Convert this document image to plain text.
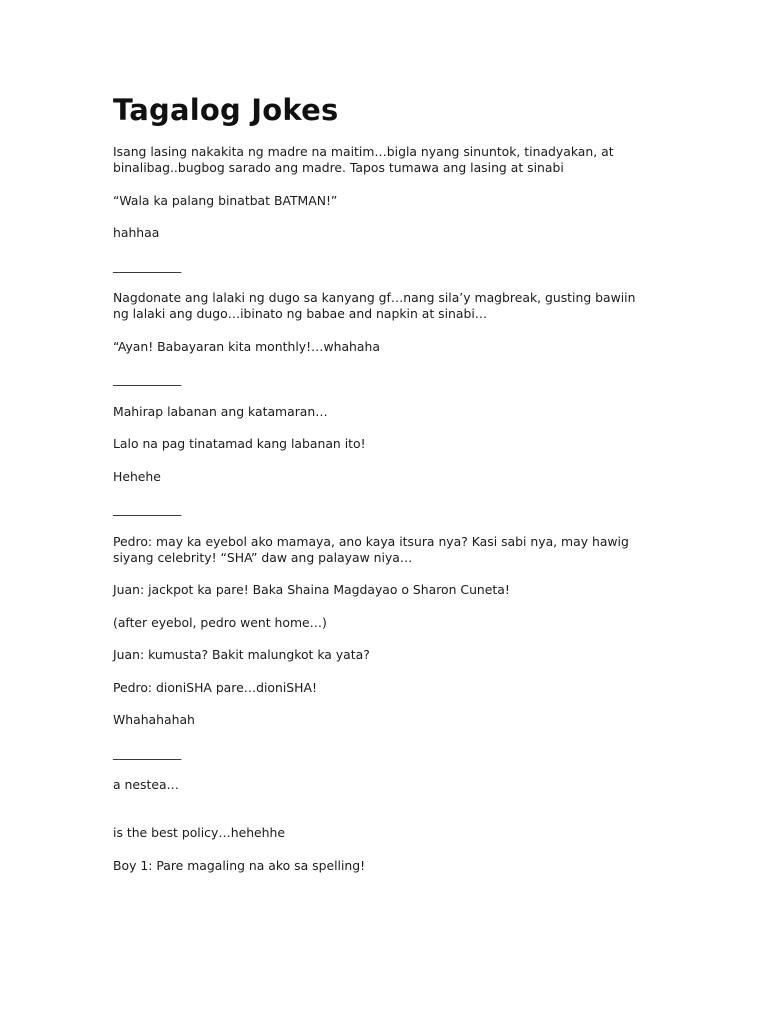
Tagalog Jokes

Isang lasing nakakita ng madre na maitim…bigla nyang sinuntok, tinadyakan, at binalibag..bugbog sarado ang madre. Tapos tumawa ang lasing at sinabi

“Wala ka palang binatbat BATMAN!”

hahhaa

___________

Nagdonate ang lalaki ng dugo sa kanyang gf…nang sila’y magbreak, gusting bawiin ng lalaki ang dugo…ibinato ng babae and napkin at sinabi…

“Ayan! Babayaran kita monthly!…whahaha

___________

Mahirap labanan ang katamaran…

Lalo na pag tinatamad kang labanan ito!

Hehehe

___________

Pedro: may ka eyebol ako mamaya, ano kaya itsura nya? Kasi sabi nya, may hawig siyang celebrity! “SHA” daw ang palayaw niya…

Juan: jackpot ka pare! Baka Shaina Magdayao o Sharon Cuneta!

(after eyebol, pedro went home…)

Juan: kumusta? Bakit malungkot ka yata?

Pedro: dioniSHA pare…dioniSHA!

Whahahahah

___________

a nestea…

is the best policy…hehehhe

Boy 1: Pare magaling na ako sa spelling!
